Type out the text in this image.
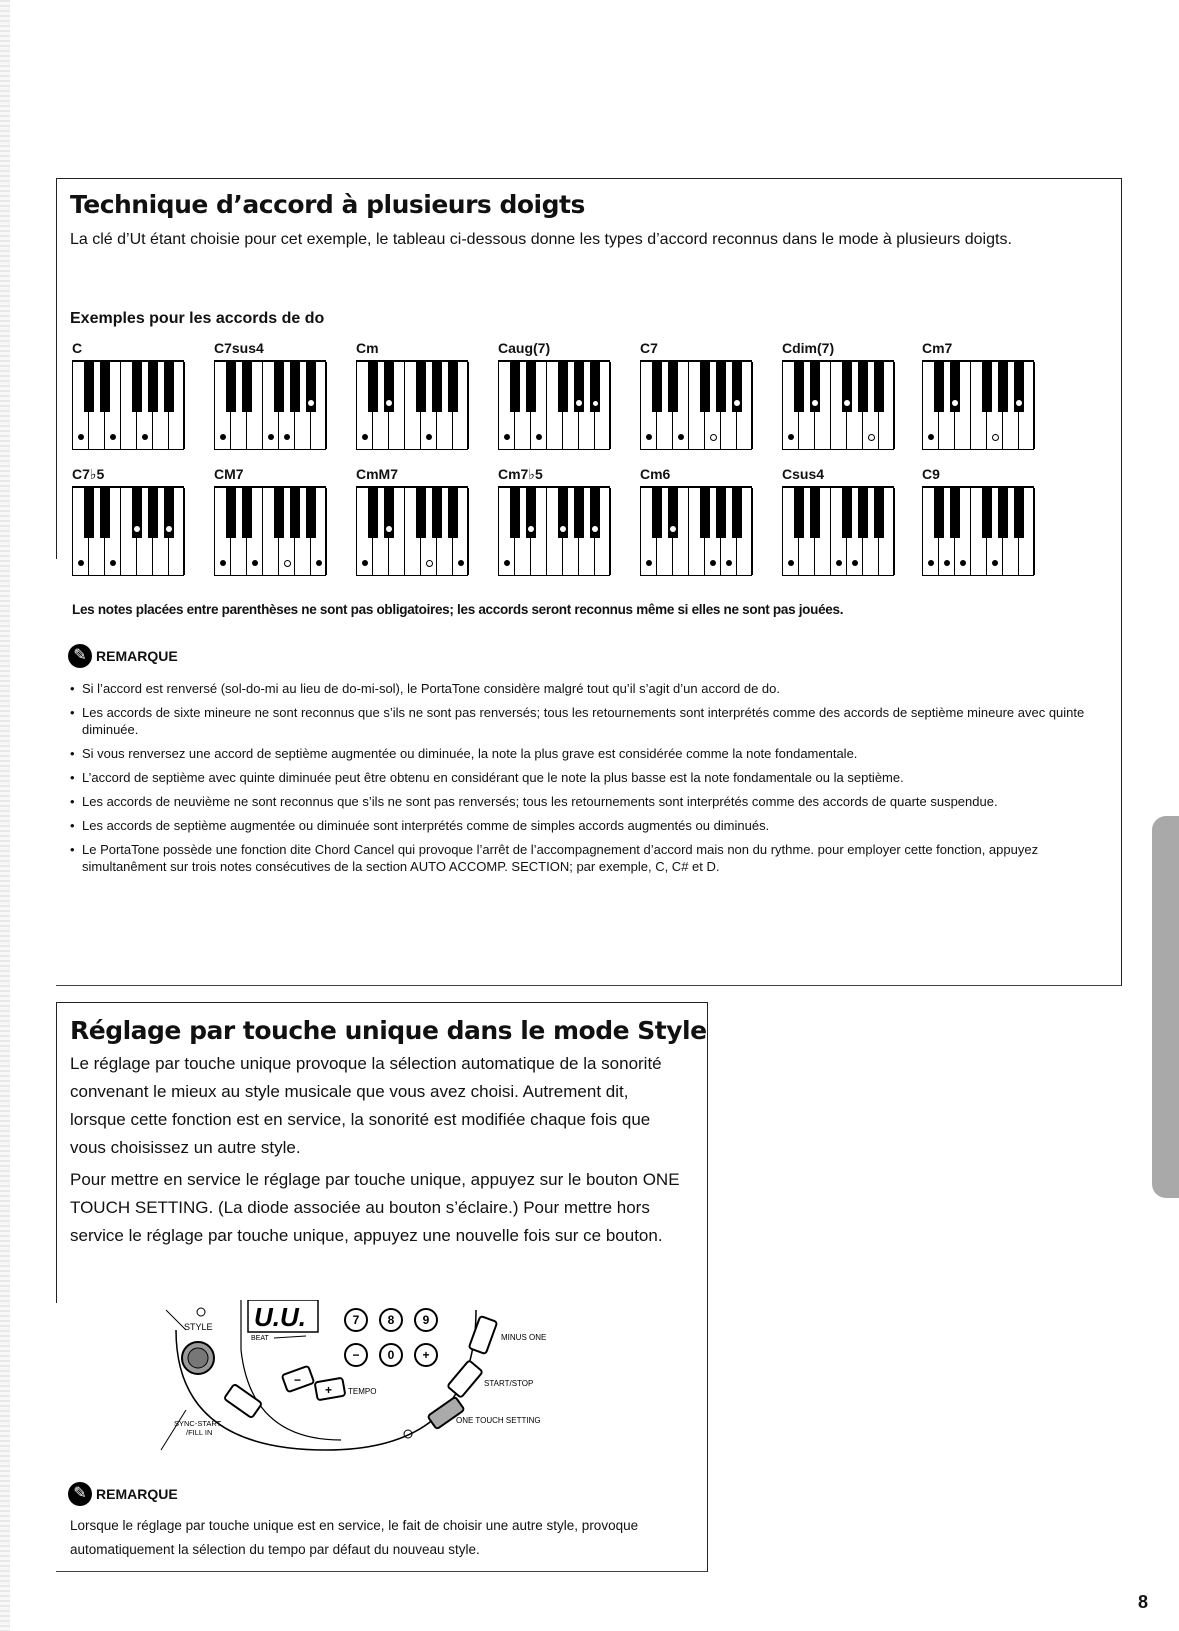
Technique d’accord à plusieurs doigts
La clé d’Ut étant choisie pour cet exemple, le tableau ci-dessous donne les types d’accord reconnus dans le mode à plusieurs doigts.
Exemples pour les accords de do
C	C7sus4	Cm	Caug(7)	C7	Cdim(7)	Cm7
C7♭5	CM7	CmM7	Cm7♭5	Cm6	Csus4	C9
Les notes placées entre parenthèses ne sont pas obligatoires; les accords seront reconnus même si elles ne sont pas jouées.
✎ REMARQUE
• Si l’accord est renversé (sol-do-mi au lieu de do-mi-sol), le PortaTone considère malgré tout qu’il s’agit d’un accord de do.
• Les accords de sixte mineure ne sont reconnus que s’ils ne sont pas renversés; tous les retournements sont interprétés comme des accords de septième mineure avec quinte diminuée.
• Si vous renversez une accord de septième augmentée ou diminuée, la note la plus grave est considérée comme la note fondamentale.
• L’accord de septième avec quinte diminuée peut être obtenu en considérant que le note la plus basse est la note fondamentale ou la septième.
• Les accords de neuvième ne sont reconnus que s’ils ne sont pas renversés; tous les retournements sont interprétés comme des accords de quarte suspendue.
• Les accords de septième augmentée ou diminuée sont interprétés comme de simples accords augmentés ou diminués.
• Le PortaTone possède une fonction dite Chord Cancel qui provoque l’arrêt de l’accompagnement d’accord mais non du rythme. pour employer cette fonction, appuyez simultanêment sur trois notes consécutives de la section AUTO ACCOMP. SECTION; par exemple, C, C# et D.
Réglage par touche unique dans le mode Style

Le réglage par touche unique provoque la sélection automatique de la sonorité convenant le mieux au style musicale que vous avez choisi. Autrement dit, lorsque cette fonction est en service, la sonorité est modifiée chaque fois que vous choisissez un autre style.

Pour mettre en service le réglage par touche unique, appuyez sur le bouton ONE TOUCH SETTING. (La diode associée au bouton s’éclaire.) Pour mettre hors service le réglage par touche unique, appuyez une nouvelle fois sur ce bouton.

STYLE U.U.
BEAT
7 8 9
− 0 +
−
+ TEMPO
SYNC-START
/FILL IN
MINUS ONE
START/STOP
ONE TOUCH SETTING
✎ REMARQUE
Lorsque le réglage par touche unique est en service, le fait de choisir une autre style, provoque automatiquement la sélection du tempo par défaut du nouveau style.
8
